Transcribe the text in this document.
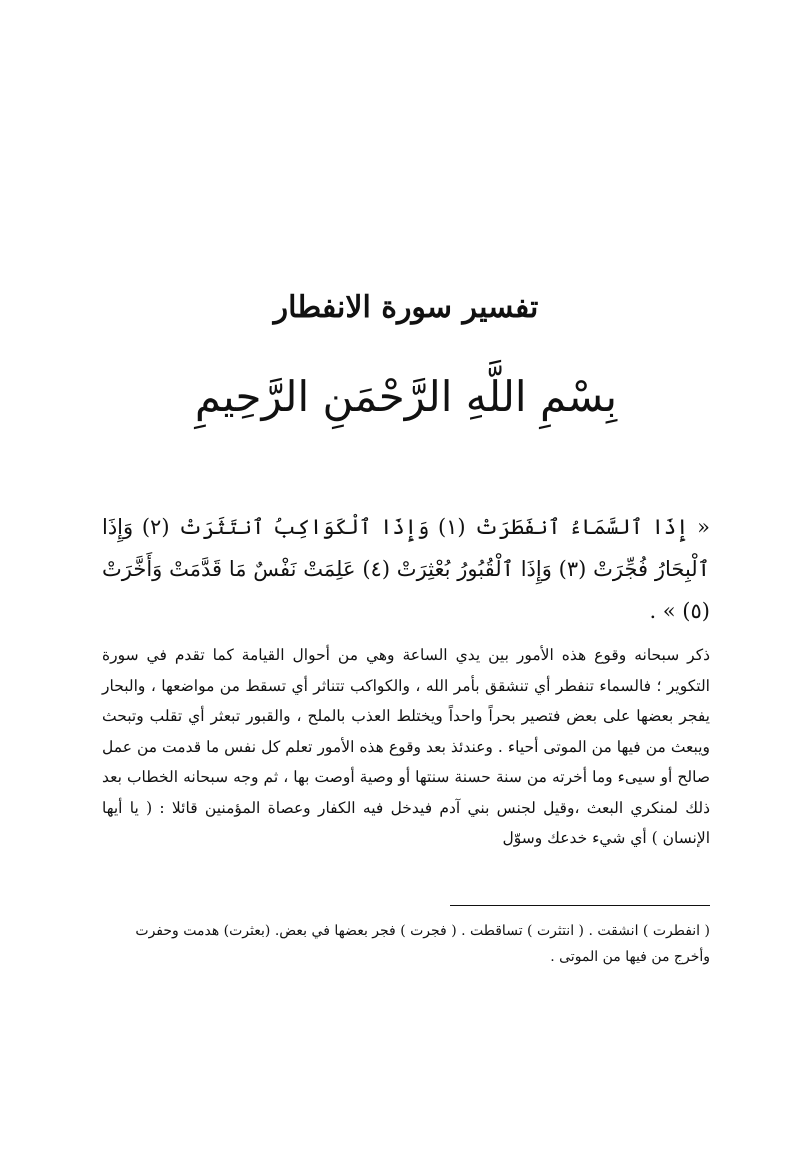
تفسير سورة الانفطار
بِسْمِ اللَّهِ الرَّحْمَنِ الرَّحِيمِ

« إِذَا ٱلسَّمَاءُ ٱنفَطَرَتْ (١) وَإِذَا ٱلْكَوَاكِبُ ٱنتَثَرَتْ (٢) وَإِذَا ٱلْبِحَارُ فُجِّرَتْ (٣) وَإِذَا ٱلْقُبُورُ بُعْثِرَتْ (٤) عَلِمَتْ نَفْسٌ مَا قَدَّمَتْ وَأَخَّرَتْ (٥) » .

ذكر سبحانه وقوع هذه الأمور بين يدي الساعة وهي من أحوال القيامة كما تقدم في سورة التكوير ؛ فالسماء تنفطر أي تنشقق بأمر الله ، والكواكب تتناثر أي تسقط من مواضعها ، والبحار يفجر بعضها على بعض فتصير بحراً واحداً ويختلط العذب بالملح ، والقبور تبعثر أي تقلب وتبحث ويبعث من فيها من الموتى أحياء . وعندئذ بعد وقوع هذه الأمور تعلم كل نفس ما قدمت من عمل صالح أو سيىء وما أخرته من سنة حسنة سنتها أو وصية أوصت بها ، ثم وجه سبحانه الخطاب بعد ذلك لمنكري البعث ،وقيل لجنس بني آدم فيدخل فيه الكفار وعصاة المؤمنين قائلا : ( يا أيها الإنسان ) أي شيء خدعك وسوّل

( انفطرت ) انشقت . ( انتثرت ) تساقطت . ( فجرت ) فجر بعضها في بعض. (بعثرت) هدمت وحفرت وأخرج من فيها من الموتى .
